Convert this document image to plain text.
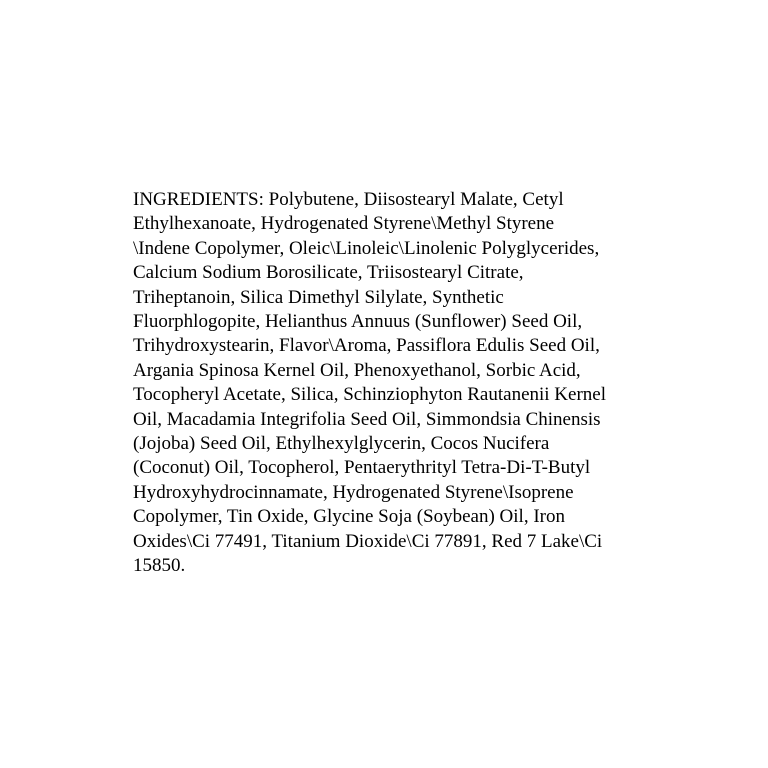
INGREDIENTS: Polybutene, Diisostearyl Malate, Cetyl
Ethylhexanoate, Hydrogenated Styrene\Methyl Styrene
\Indene Copolymer, Oleic\Linoleic\Linolenic Polyglycerides,
Calcium Sodium Borosilicate, Triisostearyl Citrate,
Triheptanoin, Silica Dimethyl Silylate, Synthetic
Fluorphlogopite, Helianthus Annuus (Sunflower) Seed Oil,
Trihydroxystearin, Flavor\Aroma, Passiflora Edulis Seed Oil,
Argania Spinosa Kernel Oil, Phenoxyethanol, Sorbic Acid,
Tocopheryl Acetate, Silica, Schinziophyton Rautanenii Kernel
Oil, Macadamia Integrifolia Seed Oil, Simmondsia Chinensis
(Jojoba) Seed Oil, Ethylhexylglycerin, Cocos Nucifera
(Coconut) Oil, Tocopherol, Pentaerythrityl Tetra-Di-T-Butyl
Hydroxyhydrocinnamate, Hydrogenated Styrene\Isoprene
Copolymer, Tin Oxide, Glycine Soja (Soybean) Oil, Iron
Oxides\Ci 77491, Titanium Dioxide\Ci 77891, Red 7 Lake\Ci
15850.
